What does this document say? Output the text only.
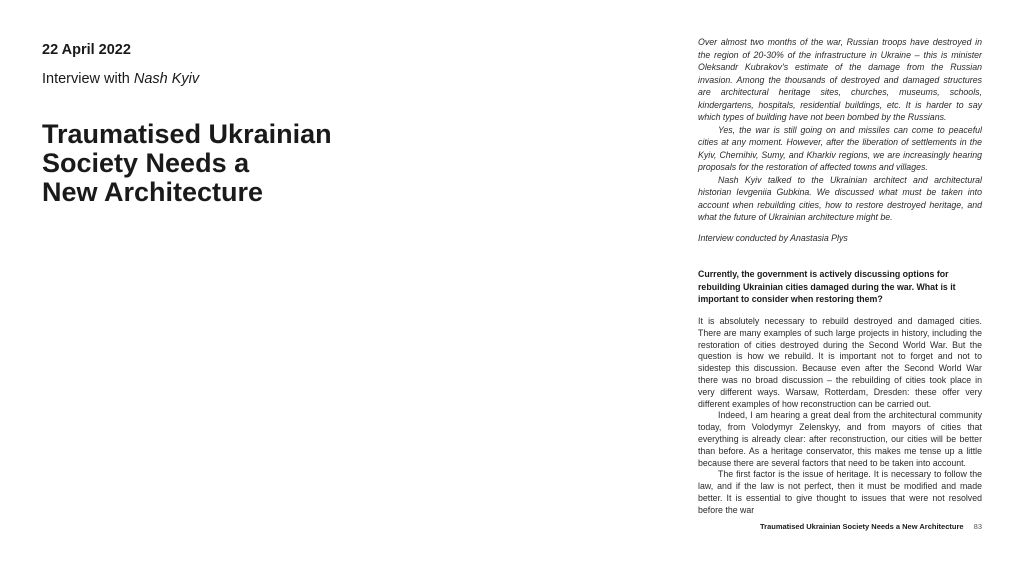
22 April 2022
Interview with Nash Kyiv
Traumatised Ukrainian
Society Needs a
New Architecture

Over almost two months of the war, Russian troops have destroyed in the region of 20-30% of the infrastructure in Ukraine – this is minister Oleksandr Kubrakov's estimate of the damage from the Russian invasion. Among the thousands of destroyed and damaged structures are architectural heritage sites, churches, museums, schools, kindergartens, hospitals, residential buildings, etc. It is harder to say which types of building have not been bombed by the Russians.

Yes, the war is still going on and missiles can come to peaceful cities at any moment. However, after the liberation of settlements in the Kyiv, Chernihiv, Sumy, and Kharkiv regions, we are increasingly hearing proposals for the restoration of affected towns and villages.

Nash Kyiv talked to the Ukrainian architect and architectural historian Ievgeniia Gubkina. We discussed what must be taken into account when rebuilding cities, how to restore destroyed heritage, and what the future of Ukrainian architecture might be.

Interview conducted by Anastasia Plys
Currently, the government is actively discussing options for rebuilding Ukrainian cities damaged during the war. What is it important to consider when restoring them?

It is absolutely necessary to rebuild destroyed and damaged cities. There are many examples of such large projects in history, including the restoration of cities destroyed during the Second World War. But the question is how we rebuild. It is important not to forget and not to sidestep this discussion. Because even after the Second World War there was no broad discussion – the rebuilding of cities took place in very different ways. Warsaw, Rotterdam, Dresden: these offer very different examples of how reconstruction can be carried out.

Indeed, I am hearing a great deal from the architectural community today, from Volodymyr Zelenskyy, and from mayors of cities that everything is already clear: after reconstruction, our cities will be better than before. As a heritage conservator, this makes me tense up a little because there are several factors that need to be taken into account.

The first factor is the issue of heritage. It is necessary to follow the law, and if the law is not perfect, then it must be modified and made better. It is essential to give thought to issues that were not resolved before the war

Traumatised Ukrainian Society Needs a New Architecture 83
